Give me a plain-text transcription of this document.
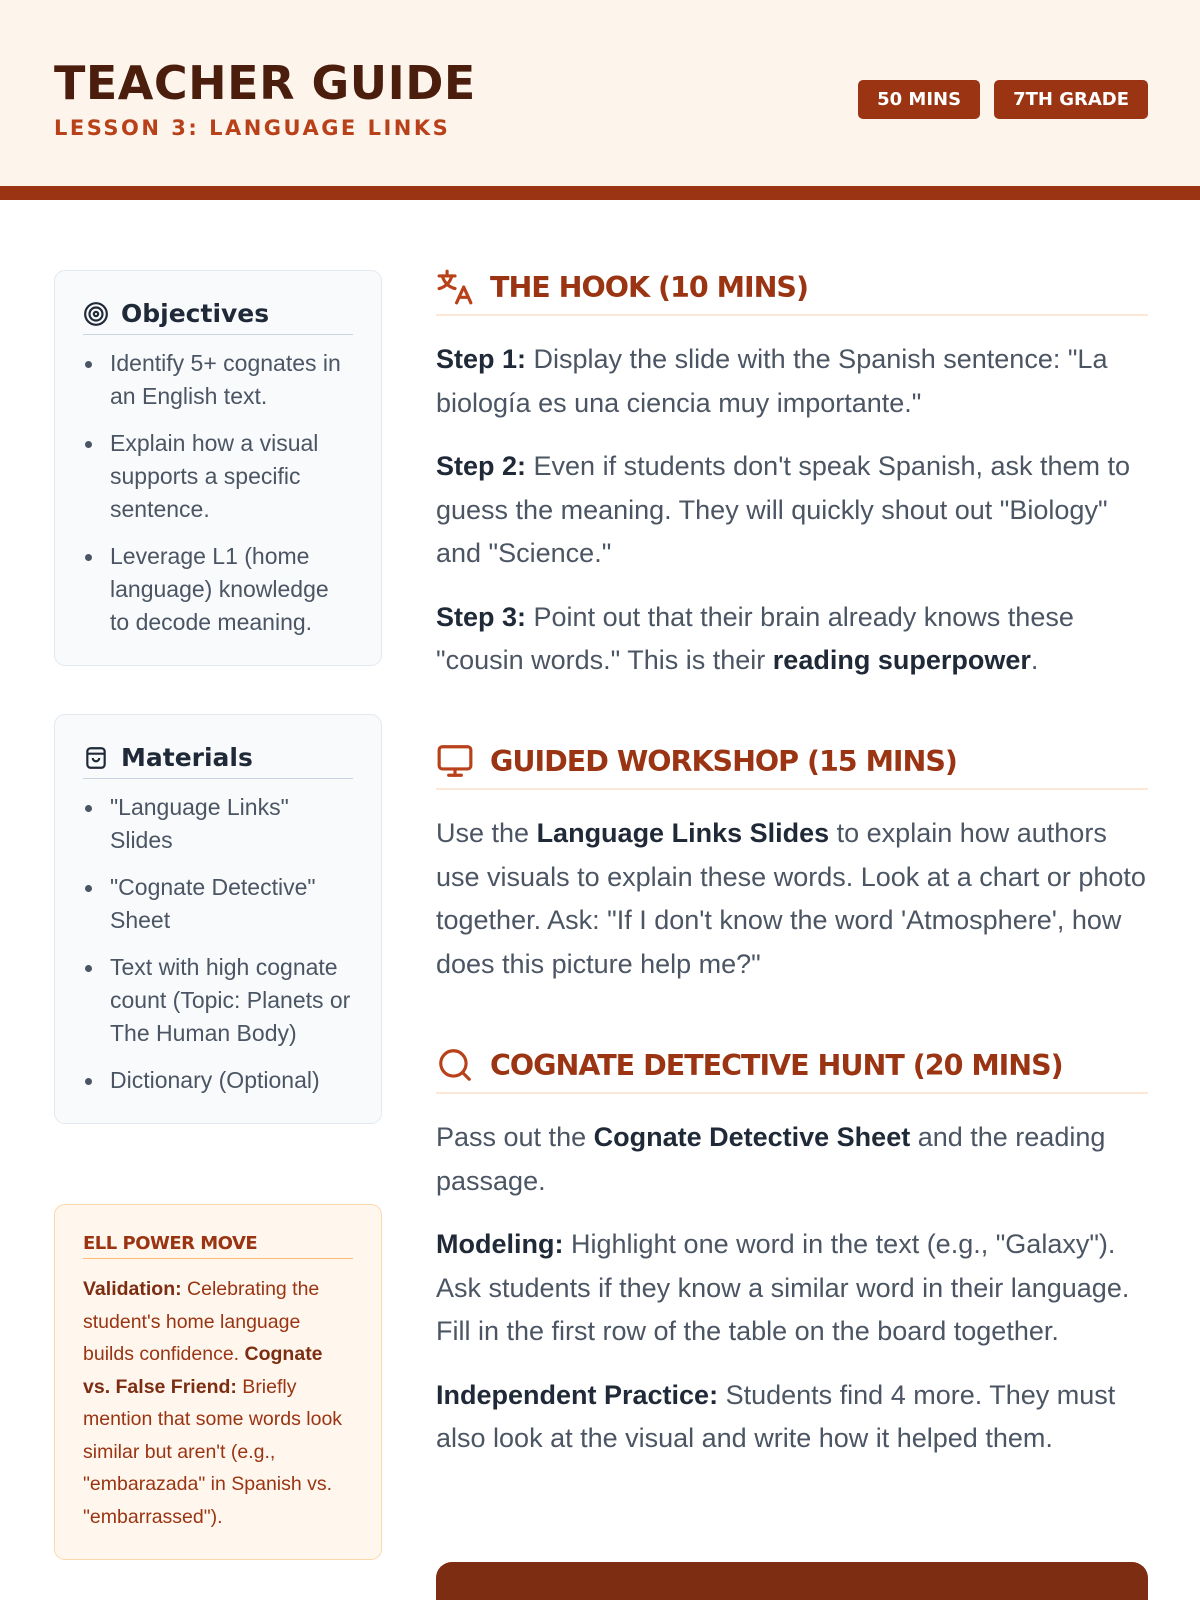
TEACHER GUIDE
LESSON 3: LANGUAGE LINKS
50 MINS	7TH GRADE
Objectives
Identify 5+ cognates in an English text.
Explain how a visual supports a specific sentence.
Leverage L1 (home language) knowledge to decode meaning.
Materials
"Language Links" Slides
"Cognate Detective" Sheet
Text with high cognate count (Topic: Planets or The Human Body)
Dictionary (Optional)
ELL POWER MOVE

Validation: Celebrating the student's home language builds confidence. Cognate vs. False Friend: Briefly mention that some words look similar but aren't (e.g., "embarazada" in Spanish vs. "embarrassed").

THE HOOK (10 MINS)

Step 1: Display the slide with the Spanish sentence: "La biología es una ciencia muy importante."

Step 2: Even if students don't speak Spanish, ask them to guess the meaning. They will quickly shout out "Biology" and "Science."

Step 3: Point out that their brain already knows these "cousin words." This is their reading superpower.

GUIDED WORKSHOP (15 MINS)

Use the Language Links Slides to explain how authors use visuals to explain these words. Look at a chart or photo together. Ask: "If I don't know the word 'Atmosphere', how does this picture help me?"

COGNATE DETECTIVE HUNT (20 MINS)

Pass out the Cognate Detective Sheet and the reading passage.

Modeling: Highlight one word in the text (e.g., "Galaxy"). Ask students if they know a similar word in their language. Fill in the first row of the table on the board together.

Independent Practice: Students find 4 more. They must also look at the visual and write how it helped them.
